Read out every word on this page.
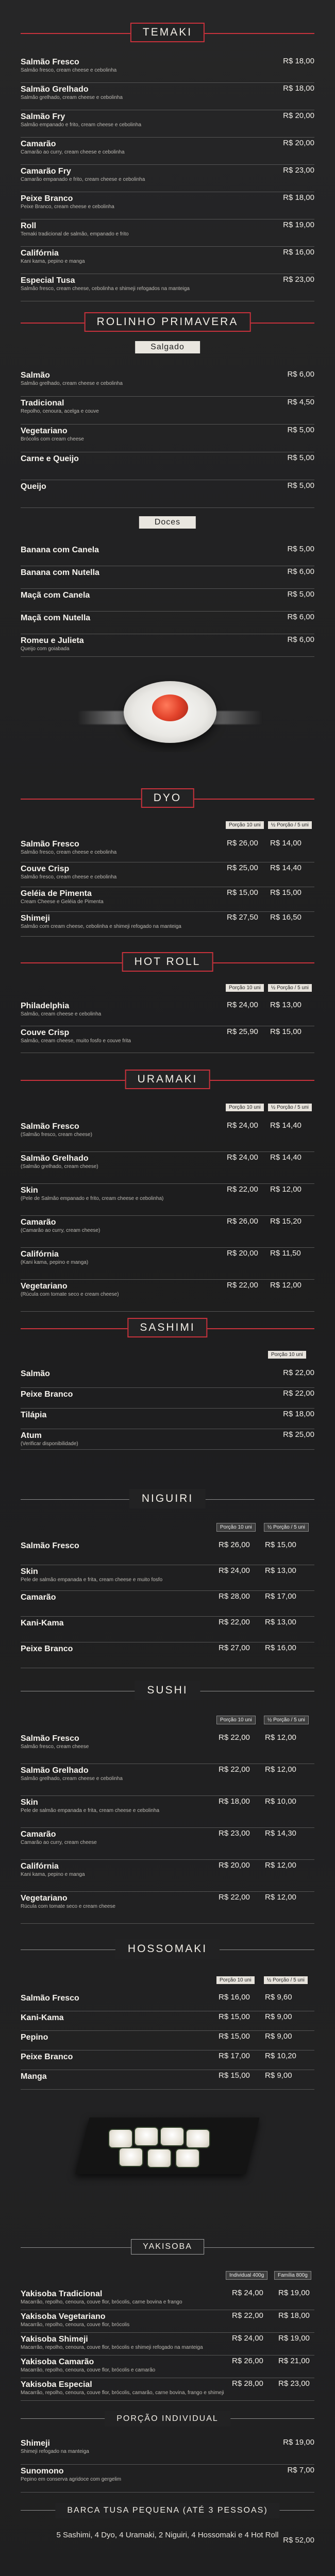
TEMAKI
Salmão Fresco
Salmão fresco, cream cheese e cebolinha
R$ 18,00
Salmão Grelhado
Salmão grelhado, cream cheese e cebolinha
R$ 18,00
Salmão Fry
Salmão empanado e frito, cream cheese e cebolinha
R$ 20,00
Camarão
Camarão ao curry, cream cheese e cebolinha
R$ 20,00
Camarão Fry
Camarão empanado e frito, cream cheese e cebolinha
R$ 23,00
Peixe Branco
Peixe Branco, cream cheese e cebolinha
R$ 18,00
Roll
Temaki tradicional de salmão, empanado e frito
R$ 19,00
Califórnia
Kani kama, pepino e manga
R$ 16,00
Especial Tusa
Salmão fresco, cream cheese, cebolinha e shimeji refogados na manteiga
R$ 23,00
ROLINHO PRIMAVERA
Salgado
Salmão
Salmão grelhado, cream cheese e cebolinha
R$ 6,00
Tradicional
Repolho, cenoura, acelga e couve
R$ 4,50
Vegetariano
Brócolis com cream cheese
R$ 5,00
Carne e Queijo	R$ 5,00
Queijo	R$ 5,00
Doces
Banana com Canela	R$ 5,00
Banana com Nutella	R$ 6,00
Maçã com Canela	R$ 5,00
Maçã com Nutella	R$ 6,00
Romeu e Julieta
Queijo com goiabada
R$ 6,00
DYO
Porção 10 uni	½ Porção / 5 uni
Salmão Fresco
Salmão fresco, cream cheese e cebolinha
R$ 26,00 R$ 14,00
Couve Crisp
Salmão fresco, cream cheese e cebolinha
R$ 25,00 R$ 14,40
Geléia de Pimenta
Cream Cheese e Geléia de Pimenta
R$ 15,00 R$ 15,00
Shimeji
Salmão com cream cheese, cebolinha e shimeji refogado na manteiga
R$ 27,50 R$ 16,50
HOT ROLL
Porção 10 uni	½ Porção / 5 uni
Philadelphia
Salmão, cream cheese e cebolinha
R$ 24,00 R$ 13,00
Couve Crisp
Salmão, cream cheese, muito fosfo e couve frita
R$ 25,90 R$ 15,00
URAMAKI
Porção 10 uni	½ Porção / 5 uni
Salmão Fresco
(Salmão fresco, cream cheese)
R$ 24,00 R$ 14,40
Salmão Grelhado
(Salmão grelhado, cream cheese)
R$ 24,00 R$ 14,40
Skin
(Pele de Salmão empanado e frito, cream cheese e cebolinha)
R$ 22,00 R$ 12,00
Camarão
(Camarão ao curry, cream cheese)
R$ 26,00 R$ 15,20
Califórnia
(Kani kama, pepino e manga)
R$ 20,00 R$ 11,50
Vegetariano
(Rúcula com tomate seco e cream cheese)
R$ 22,00 R$ 12,00
SASHIMI
Porção 10 uni
Salmão	R$ 22,00
Peixe Branco	R$ 22,00
Tilápia	R$ 18,00
Atum
(Verificar disponibilidade)
R$ 25,00
NIGUIRI
Porção 10 uni	½ Porção / 5 uni
Salmão Fresco	R$ 26,00 R$ 15,00
Skin
Pele de salmão empanada e frita, cream cheese e muito fosfo
R$ 24,00 R$ 13,00
Camarão	R$ 28,00 R$ 17,00
Kani-Kama	R$ 22,00 R$ 13,00
Peixe Branco	R$ 27,00 R$ 16,00
SUSHI
Porção 10 uni	½ Porção / 5 uni
Salmão Fresco
Salmão fresco, cream cheese
R$ 22,00 R$ 12,00
Salmão Grelhado
Salmão grelhado, cream cheese e cebolinha
R$ 22,00 R$ 12,00
Skin
Pele de salmão empanada e frita, cream cheese e cebolinha
R$ 18,00 R$ 10,00
Camarão
Camarão ao curry, cream cheese
R$ 23,00 R$ 14,30
Califórnia
Kani kama, pepino e manga
R$ 20,00 R$ 12,00
Vegetariano
Rúcula com tomate seco e cream cheese
R$ 22,00 R$ 12,00
HOSSOMAKI
Porção 10 uni	½ Porção / 5 uni
Salmão Fresco	R$ 16,00 R$ 9,60
Kani-Kama	R$ 15,00 R$ 9,00
Pepino	R$ 15,00 R$ 9,00
Peixe Branco	R$ 17,00 R$ 10,20
Manga	R$ 15,00 R$ 9,00
YAKISOBA
Individual 400g	Família 800g
Yakisoba Tradicional
Macarrão, repolho, cenoura, couve flor, brócolis, carne bovina e frango
R$ 24,00 R$ 19,00
Yakisoba Vegetariano
Macarrão, repolho, cenoura, couve flor, brócolis
R$ 22,00 R$ 18,00
Yakisoba Shimeji
Macarrão, repolho, cenoura, couve flor, brócolis e shimeji refogado na manteiga
R$ 24,00 R$ 19,00
Yakisoba Camarão
Macarrão, repolho, cenoura, couve flor, brócolis e camarão
R$ 26,00 R$ 21,00
Yakisoba Especial
Macarrão, repolho, cenoura, couve flor, brócolis, camarão, carne bovina, frango e shimeji
R$ 28,00 R$ 23,00
PORÇÃO INDIVIDUAL
Shimeji
Shimeji refogado na manteiga
R$ 19,00
Sunomono
Pepino em conserva agridoce com gergelim
R$ 7,00
BARCA TUSA PEQUENA (ATÉ 3 PESSOAS)
5 Sashimi, 4 Dyo, 4 Uramaki, 2 Niguiri, 4 Hossomaki e 4 Hot Roll
R$ 52,00
